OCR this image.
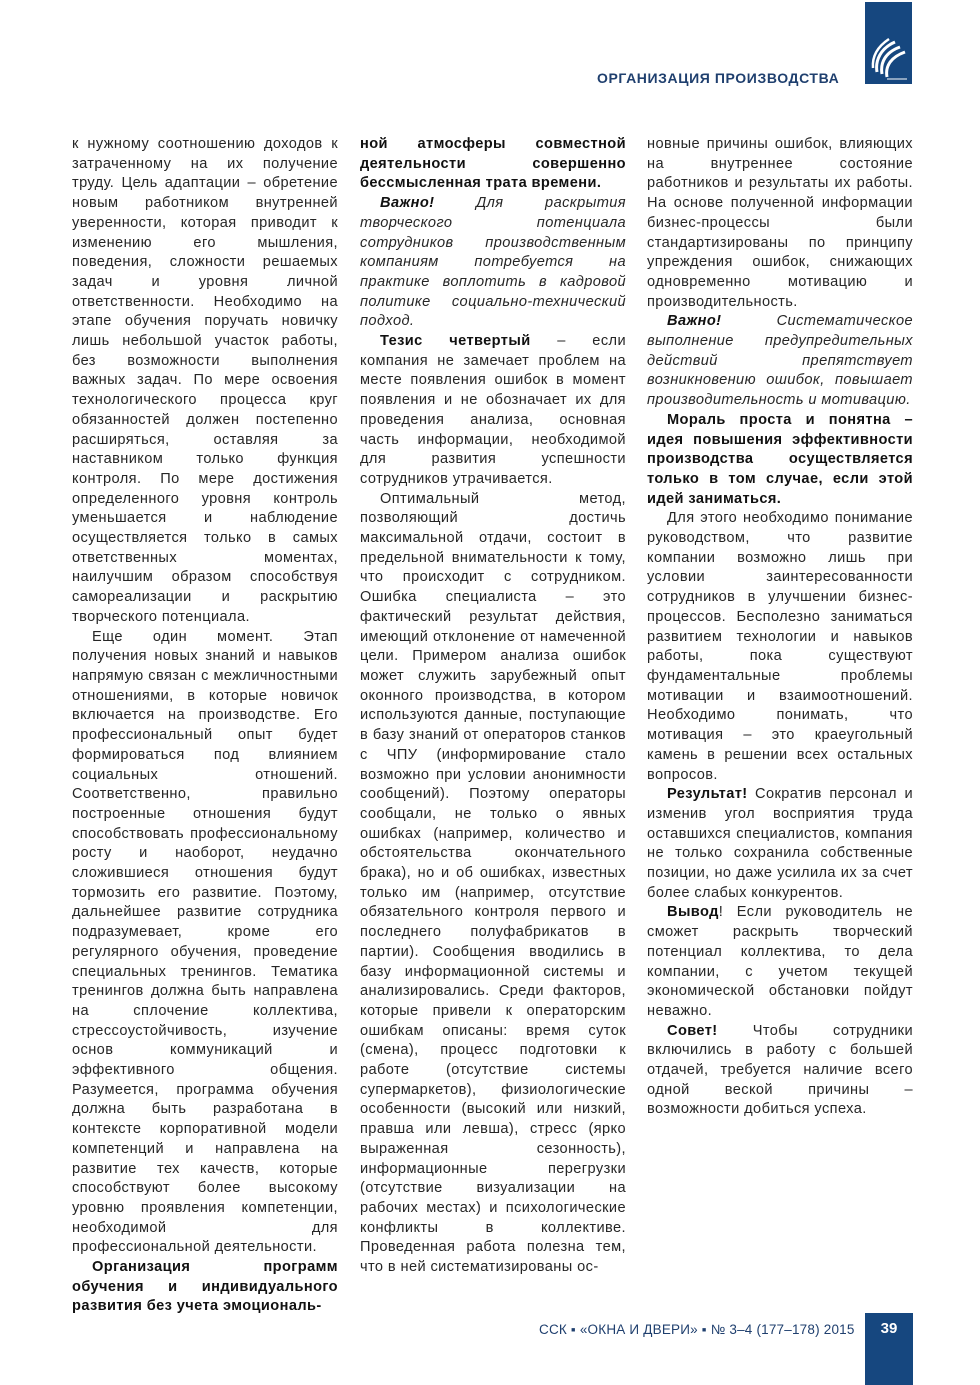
ОРГАНИЗАЦИЯ ПРОИЗВОДСТВА

к нужному соотношению доходов к затраченному на их получение труду. Цель адаптации – обретение новым работником внутренней уверенности, которая приводит к изменению его мышления, поведения, сложности решаемых задач и уровня личной ответственности. Необходимо на этапе обучения поручать новичку лишь небольшой участок работы, без возможности выполнения важных задач. По мере освоения технологического процесса круг обязанностей должен постепенно расширяться, оставляя за наставником только функция контроля. По мере достижения определенного уровня контроль уменьшается и наблюдение осуществляется только в самых ответственных моментах, наилучшим образом способствуя самореализации и раскрытию творческого потенциала.

Еще один момент. Этап получения новых знаний и навыков напрямую связан с межличностными отношениями, в которые новичок включается на производстве. Его профессиональный опыт будет формироваться под влиянием социальных отношений. Соответственно, правильно построенные отношения будут способствовать профессиональному росту и наоборот, неудачно сложившиеся отношения будут тормозить его развитие. Поэтому, дальнейшее развитие сотрудника подразумевает, кроме его регулярного обучения, проведение специальных тренингов. Тематика тренингов должна быть направлена на сплочение коллектива, стрессоустойчивость, изучение основ коммуникаций и эффективного общения. Разумеется, программа обучения должна быть разработана в контексте корпоративной модели компетенций и направлена на развитие тех качеств, которые способствуют более высокому уровню проявления компетенции, необходимой для профессиональной деятельности.

Организация программ обучения и индивидуального развития без учета эмоциональ-

ной атмосферы совместной деятельности совершенно бессмысленная трата времени.

Важно! Для раскрытия творческого потенциала сотрудников производственным компаниям потребуется на практике воплотить в кадровой политике социально-технический подход.

Тезис четвертый – если компания не замечает проблем на месте появления ошибок в момент появления и не обозначает их для проведения анализа, основная часть информации, необходимой для развития успешности сотрудников утрачивается.

Оптимальный метод, позволяющий достичь максимальной отдачи, состоит в предельной внимательности к тому, что происходит с сотрудником. Ошибка специалиста – это фактический результат действия, имеющий отклонение от намеченной цели. Примером анализа ошибок может служить зарубежный опыт оконного производства, в котором используются данные, поступающие в базу знаний от операторов станков с ЧПУ (информирование стало возможно при условии анонимности сообщений). Поэтому операторы сообщали, не только о явных ошибках (например, количество и обстоятельства окончательного брака), но и об ошибках, известных только им (например, отсутствие обязательного контроля первого и последнего полуфабрикатов в партии). Сообщения вводились в базу информационной системы и анализировались. Среди факторов, которые привели к операторским ошибкам описаны: время суток (смена), процесс подготовки к работе (отсутствие системы супермаркетов), физиологические особенности (высокий или низкий, правша или левша), стресс (ярко выраженная сезонность), информационные перегрузки (отсутствие визуализации на рабочих местах) и психологические конфликты в коллективе. Проведенная работа полезна тем, что в ней систематизированы ос-

новные причины ошибок, влияющих на внутреннее состояние работников и результаты их работы. На основе полученной информации бизнес-процессы были стандартизированы по принципу упреждения ошибок, снижающих одновременно мотивацию и производительность.

Важно! Систематическое выполнение предупредительных действий препятствует возникновению ошибок, повышает производительность и мотивацию.

Мораль проста и понятна – идея повышения эффективности производства осуществляется только в том случае, если этой идей заниматься.

Для этого необходимо понимание руководством, что развитие компании возможно лишь при условии заинтересованности сотрудников в улучшении бизнес-процессов. Бесполезно заниматься развитием технологии и навыков работы, пока существуют фундаментальные проблемы мотивации и взаимоотношений. Необходимо понимать, что мотивация – это краеугольный камень в решении всех остальных вопросов.

Результат! Сократив персонал и изменив угол восприятия труда оставшихся специалистов, компания не только сохранила собственные позиции, но даже усилила их за счет более слабых конкурентов.

Вывод! Если руководитель не сможет раскрыть творческий потенциал коллектива, то дела компании, с учетом текущей экономической обстановки пойдут неважно.

Совет! Чтобы сотрудники включились в работу с большей отдачей, требуется наличие всего одной веской причины – возможности добиться успеха.

ССК ▪ «ОКНА И ДВЕРИ» ▪ № 3–4 (177–178) 2015	39
